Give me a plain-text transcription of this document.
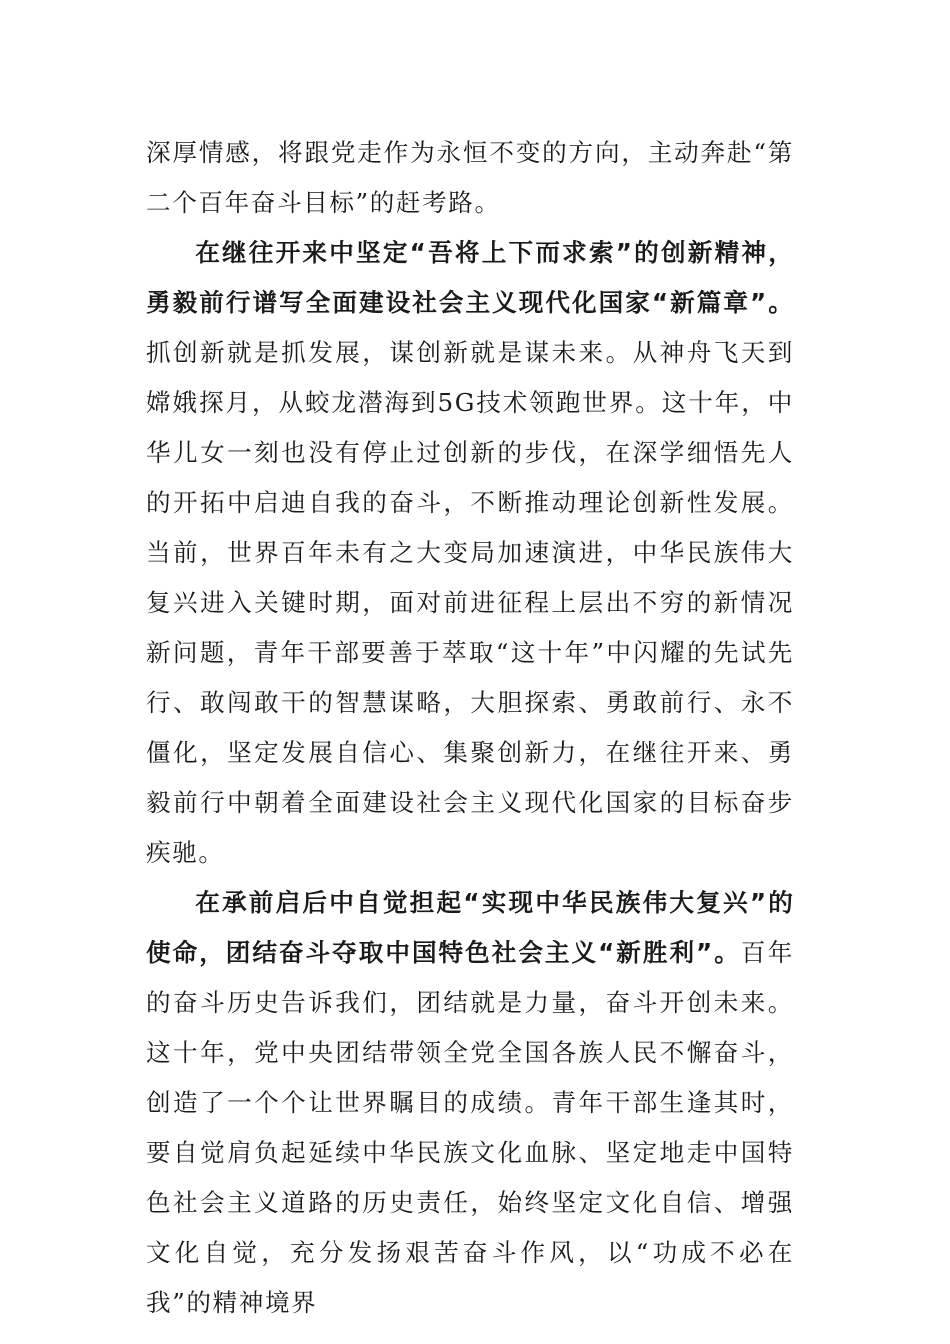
深厚情感，将跟党走作为永恒不变的方向，主动奔赴“第二个百年奋斗目标”的赶考路。

在继往开来中坚定“吾将上下而求索”的创新精神，勇毅前行谱写全面建设社会主义现代化国家“新篇章”。抓创新就是抓发展，谋创新就是谋未来。从神舟飞天到嫦娥探月，从蛟龙潜海到5G技术领跑世界。这十年，中华儿女一刻也没有停止过创新的步伐，在深学细悟先人的开拓中启迪自我的奋斗，不断推动理论创新性发展。当前，世界百年未有之大变局加速演进，中华民族伟大复兴进入关键时期，面对前进征程上层出不穷的新情况新问题，青年干部要善于萃取“这十年”中闪耀的先试先行、敢闯敢干的智慧谋略，大胆探索、勇敢前行、永不僵化，坚定发展自信心、集聚创新力，在继往开来、勇毅前行中朝着全面建设社会主义现代化国家的目标奋步疾驰。

在承前启后中自觉担起“实现中华民族伟大复兴”的使命，团结奋斗夺取中国特色社会主义“新胜利”。百年的奋斗历史告诉我们，团结就是力量，奋斗开创未来。这十年，党中央团结带领全党全国各族人民不懈奋斗，创造了一个个让世界瞩目的成绩。青年干部生逢其时，要自觉肩负起延续中华民族文化血脉、坚定地走中国特色社会主义道路的历史责任，始终坚定文化自信、增强文化自觉，充分发扬艰苦奋斗作风，以“功成不必在我”的精神境界
